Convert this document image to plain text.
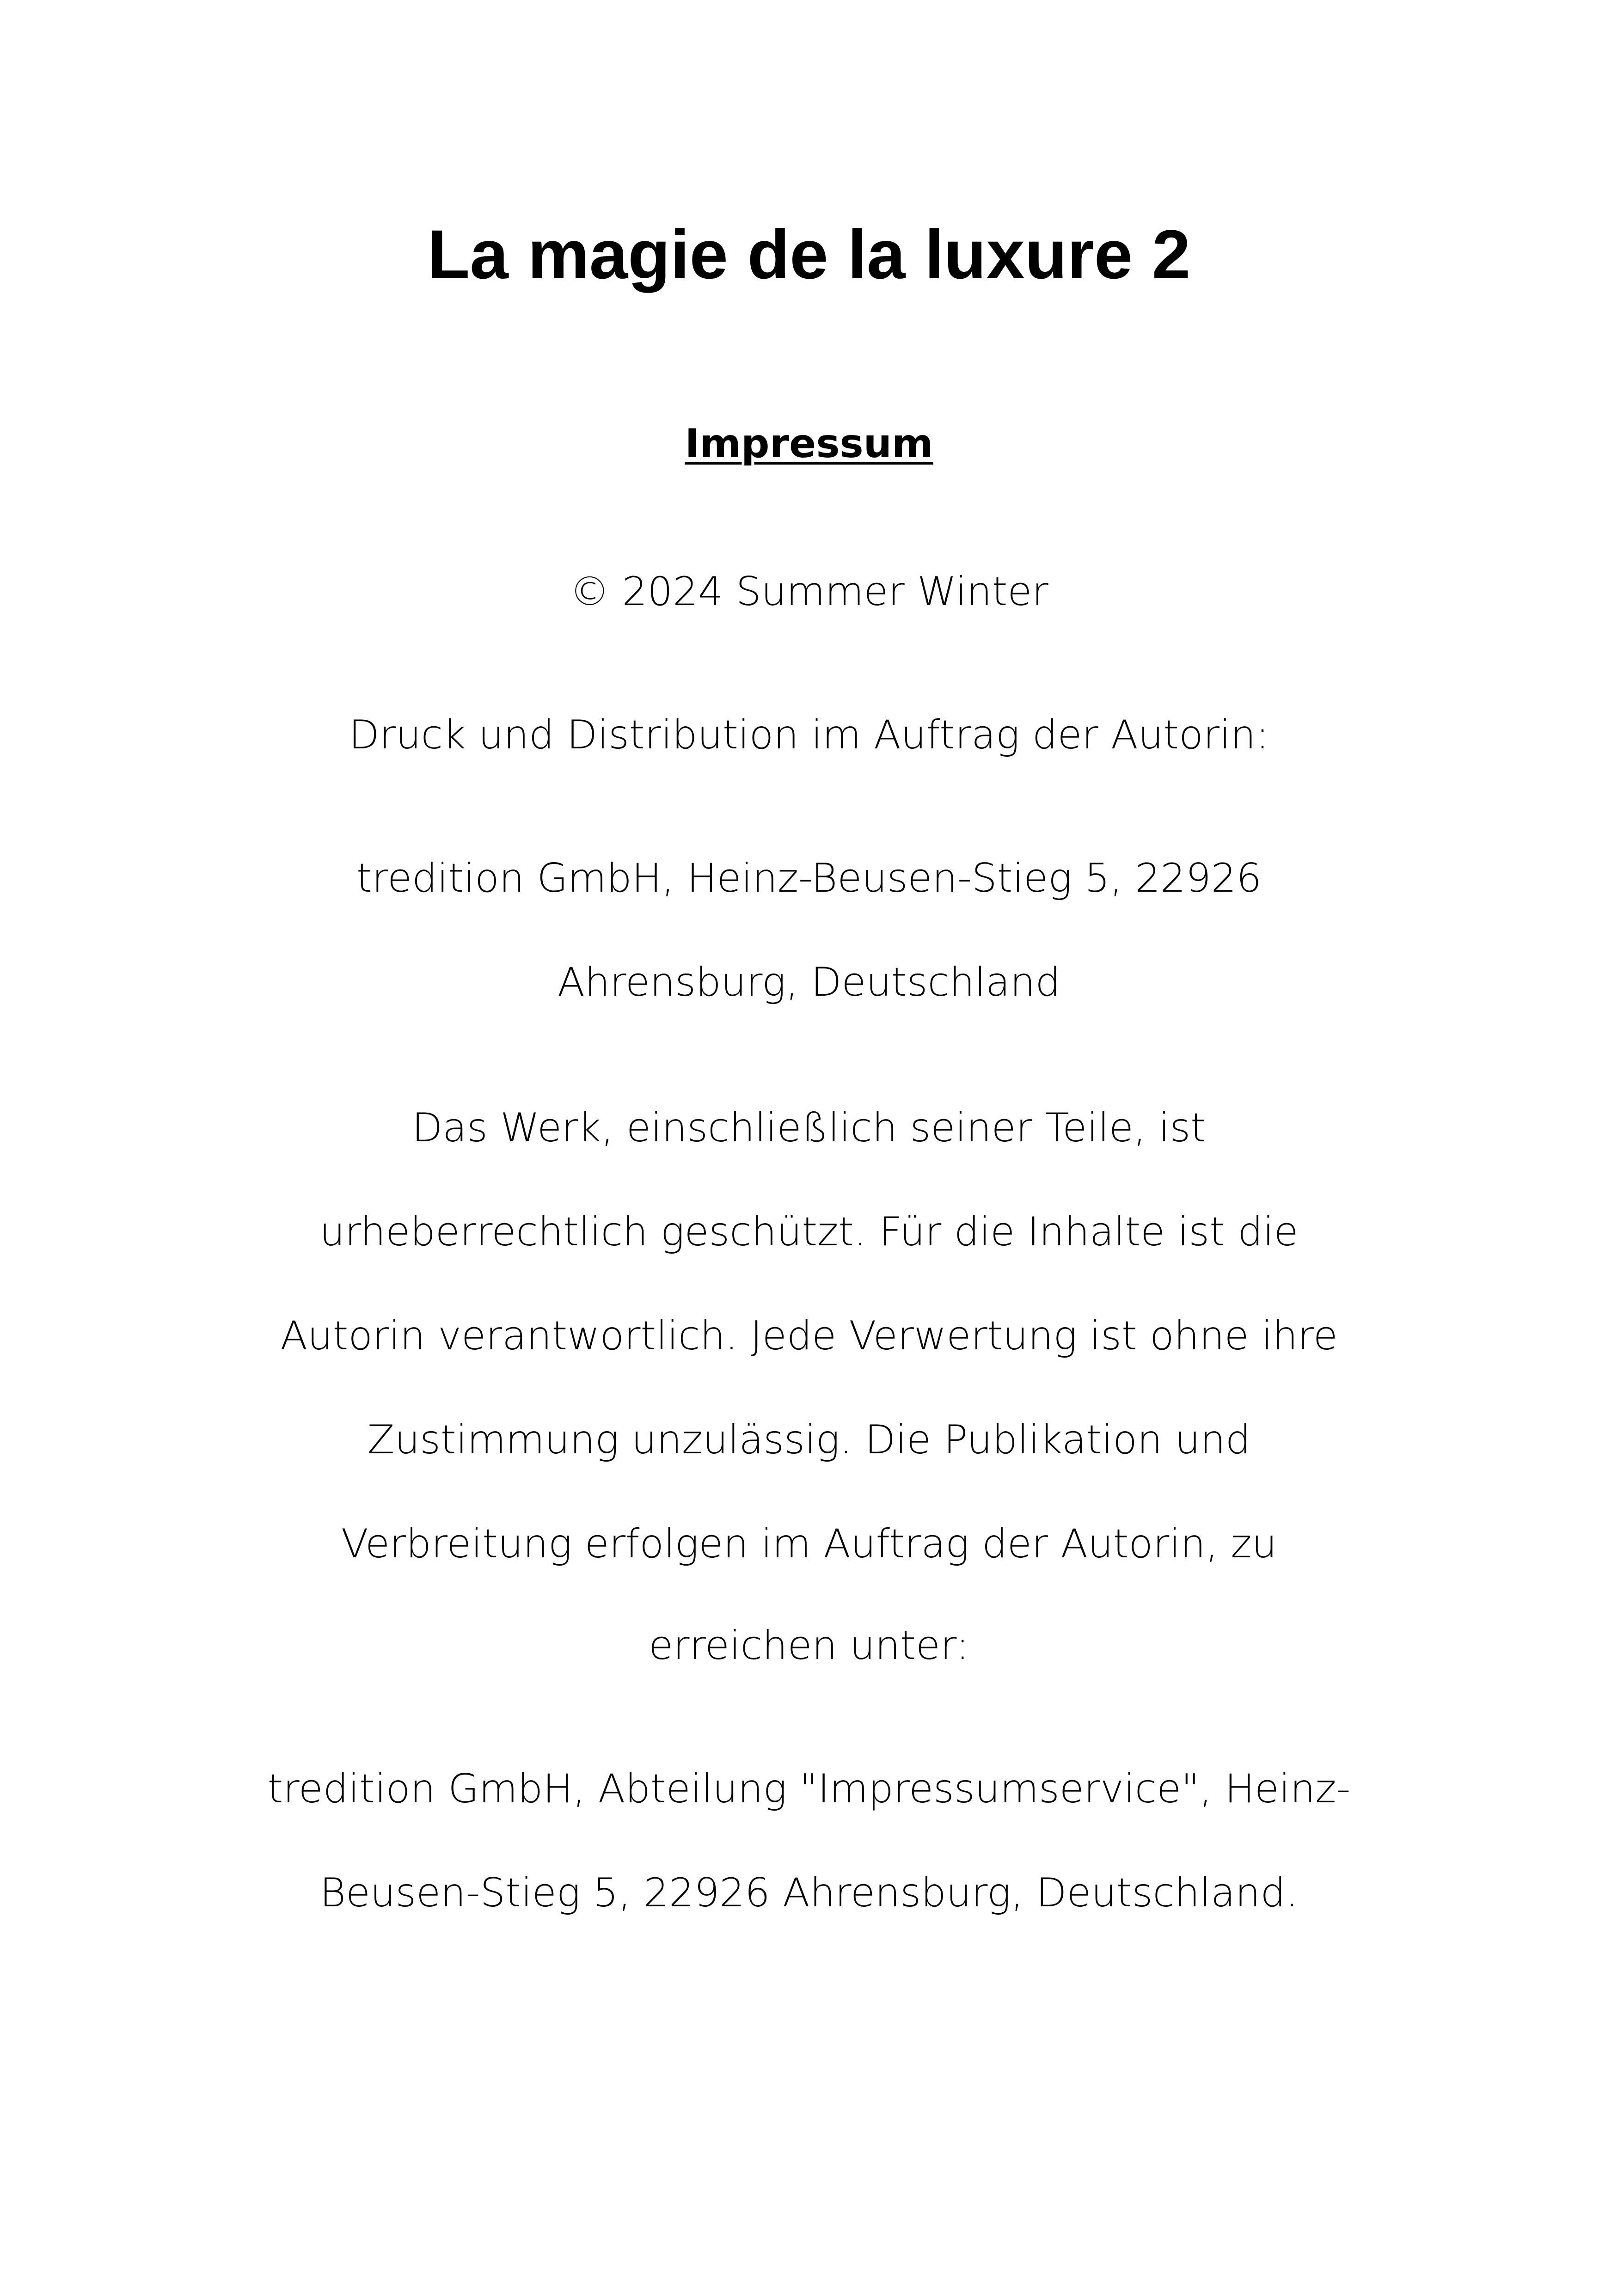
La magie de la luxure 2
Impressum
© 2024 Summer Winter
Druck und Distribution im Auftrag der Autorin:
tredition GmbH, Heinz-Beusen-Stieg 5, 22926
Ahrensburg, Deutschland
Das Werk, einschließlich seiner Teile, ist
urheberrechtlich geschützt. Für die Inhalte ist die
Autorin verantwortlich. Jede Verwertung ist ohne ihre
Zustimmung unzulässig. Die Publikation und
Verbreitung erfolgen im Auftrag der Autorin, zu
erreichen unter:
tredition GmbH, Abteilung "Impressumservice", Heinz-
Beusen-Stieg 5, 22926 Ahrensburg, Deutschland.
